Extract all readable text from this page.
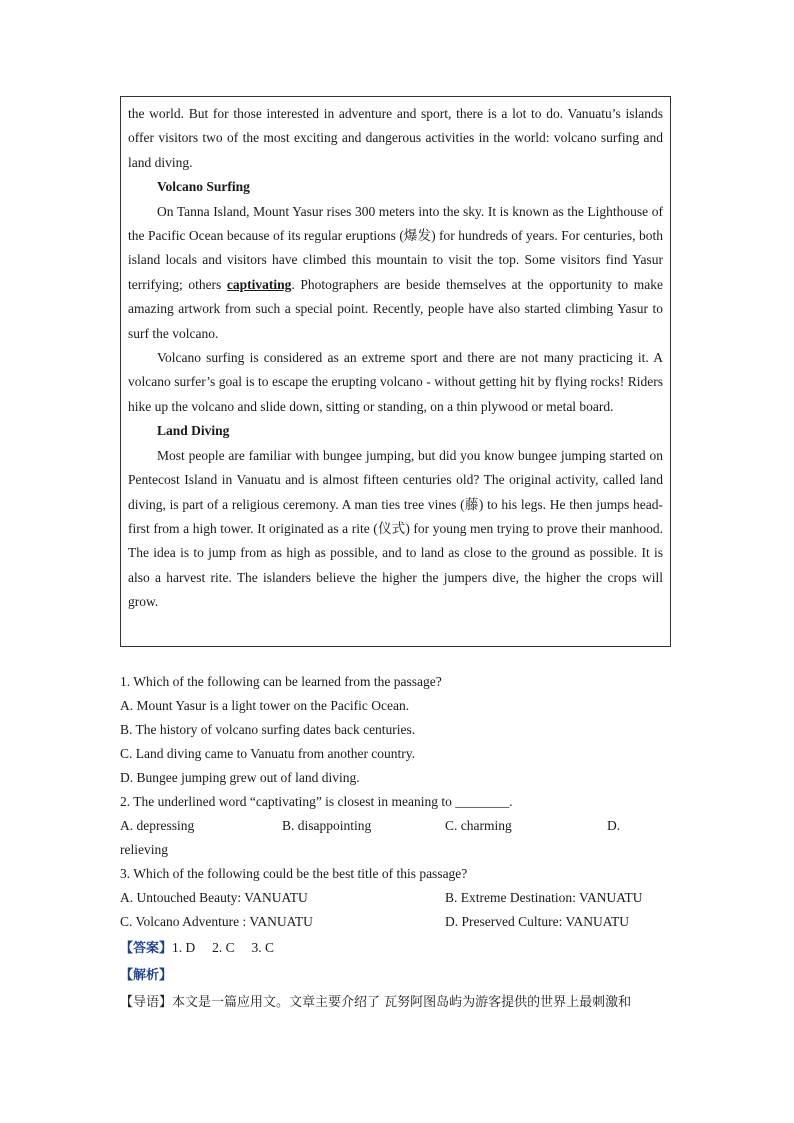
the world. But for those interested in adventure and sport, there is a lot to do. Vanuatu’s islands offer visitors two of the most exciting and dangerous activities in the world: volcano surfing and land diving.

Volcano Surfing

On Tanna Island, Mount Yasur rises 300 meters into the sky. It is known as the Lighthouse of the Pacific Ocean because of its regular eruptions (爆发) for hundreds of years. For centuries, both island locals and visitors have climbed this mountain to visit the top. Some visitors find Yasur terrifying; others captivating. Photographers are beside themselves at the opportunity to make amazing artwork from such a special point. Recently, people have also started climbing Yasur to surf the volcano.

Volcano surfing is considered as an extreme sport and there are not many practicing it. A volcano surfer’s goal is to escape the erupting volcano - without getting hit by flying rocks! Riders hike up the volcano and slide down, sitting or standing, on a thin plywood or metal board.

Land Diving

Most people are familiar with bungee jumping, but did you know bungee jumping started on Pentecost Island in Vanuatu and is almost fifteen centuries old? The original activity, called land diving, is part of a religious ceremony. A man ties tree vines (藤) to his legs. He then jumps head-first from a high tower. It originated as a rite (仪式) for young men trying to prove their manhood. The idea is to jump from as high as possible, and to land as close to the ground as possible. It is also a harvest rite. The islanders believe the higher the jumpers dive, the higher the crops will grow.

1. Which of the following can be learned from the passage?
A. Mount Yasur is a light tower on the Pacific Ocean.
B. The history of volcano surfing dates back centuries.
C. Land diving came to Vanuatu from another country.
D. Bungee jumping grew out of land diving.
2. The underlined word “captivating” is closest in meaning to ________.
A. depressing	B. disappointing	C. charming	D.
relieving
3. Which of the following could be the best title of this passage?
A. Untouched Beauty: VANUATU	B. Extreme Destination: VANUATU
C. Volcano Adventure : VANUATU	D. Preserved Culture: VANUATU
【答案】1. D     2. C     3. C
【解析】
【导语】本文是一篇应用文。文章主要介绍了 瓦努阿图岛屿为游客提供的世界上最刺激和
